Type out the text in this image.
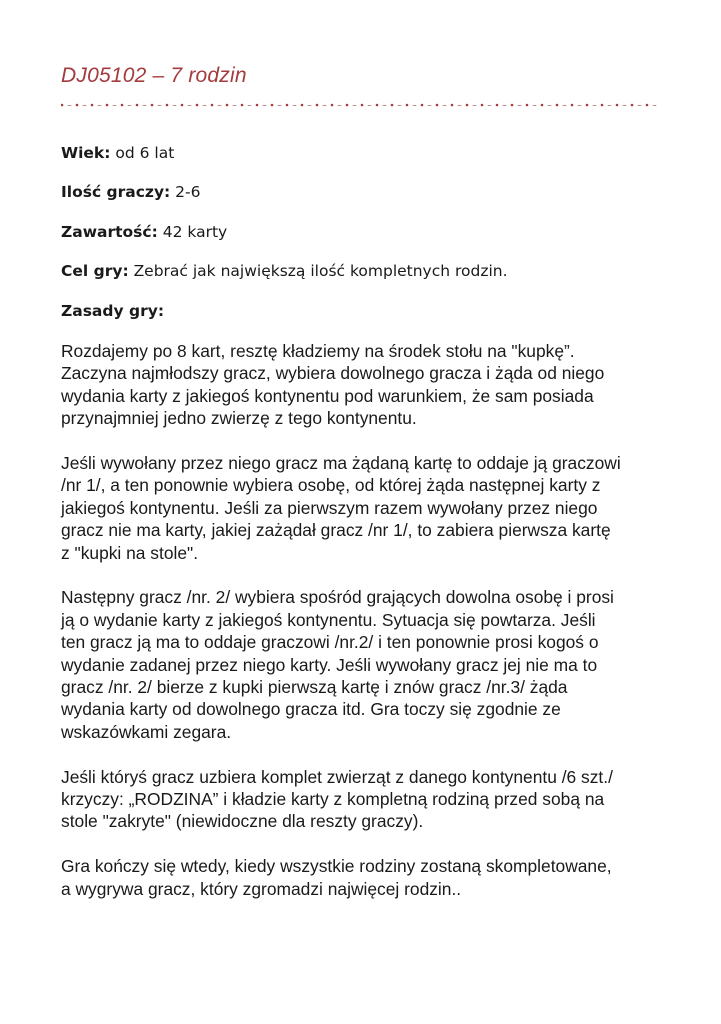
DJ05102 – 7 rodzin

Wiek: od 6 lat

Ilość graczy: 2-6

Zawartość: 42 karty

Cel gry: Zebrać jak największą ilość kompletnych rodzin.

Zasady gry:

Rozdajemy po 8 kart, resztę kładziemy na środek stołu na "kupkę”.
Zaczyna najmłodszy gracz, wybiera dowolnego gracza i żąda od niego
wydania karty z jakiegoś kontynentu pod warunkiem, że sam posiada
przynajmniej jedno zwierzę z tego kontynentu.

Jeśli wywołany przez niego gracz ma żądaną kartę to oddaje ją graczowi
/nr 1/, a ten ponownie wybiera osobę, od której żąda następnej karty z
jakiegoś kontynentu. Jeśli za pierwszym razem wywołany przez niego
gracz nie ma karty, jakiej zażądał gracz /nr 1/, to zabiera pierwsza kartę
z "kupki na stole".

Następny gracz /nr. 2/ wybiera spośród grających dowolna osobę i prosi
ją o wydanie karty z jakiegoś kontynentu. Sytuacja się powtarza. Jeśli
ten gracz ją ma to oddaje graczowi /nr.2/ i ten ponownie prosi kogoś o
wydanie zadanej przez niego karty. Jeśli wywołany gracz jej nie ma to
gracz /nr. 2/ bierze z kupki pierwszą kartę i znów gracz /nr.3/ żąda
wydania karty od dowolnego gracza itd. Gra toczy się zgodnie ze
wskazówkami zegara.

Jeśli któryś gracz uzbiera komplet zwierząt z danego kontynentu /6 szt./
krzyczy: „RODZINA” i kładzie karty z kompletną rodziną przed sobą na
stole "zakryte" (niewidoczne dla reszty graczy).

Gra kończy się wtedy, kiedy wszystkie rodziny zostaną skompletowane,
a wygrywa gracz, który zgromadzi najwięcej rodzin..
